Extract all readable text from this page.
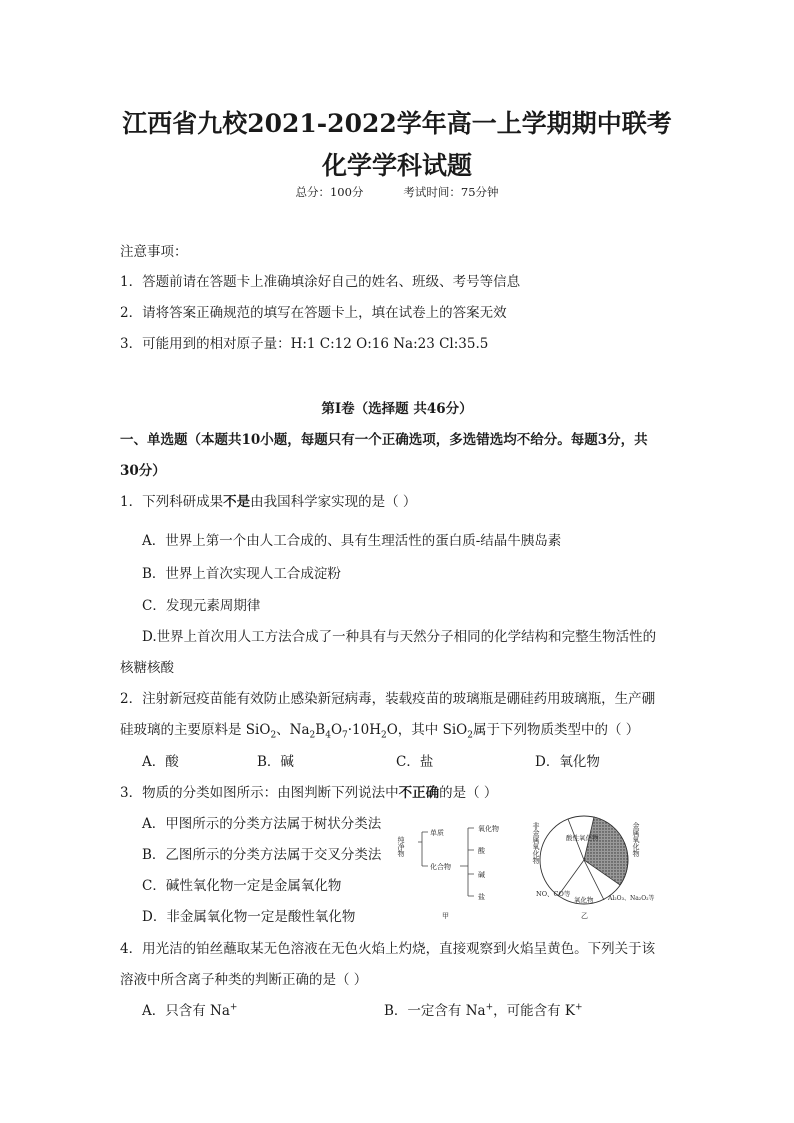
江西省九校2021-2022学年高一上学期期中联考
化学学科试题
总分：100分	考试时间：75分钟
注意事项：
1．答题前请在答题卡上准确填涂好自己的姓名、班级、考号等信息
2．请将答案正确规范的填写在答题卡上，填在试卷上的答案无效
3．可能用到的相对原子量：H:1 C:12 O:16 Na:23 Cl:35.5
第Ⅰ卷（选择题 共46分）
一、单选题（本题共10小题，每题只有一个正确选项，多选错选均不给分。每题3分，共
30分）
1．下列科研成果不是由我国科学家实现的是（ ）
A．世界上第一个由人工合成的、具有生理活性的蛋白质-结晶牛胰岛素
B．世界上首次实现人工合成淀粉
C．发现元素周期律
D.世界上首次用人工方法合成了一种具有与天然分子相同的化学结构和完整生物活性的
核糖核酸
2．注射新冠疫苗能有效防止感染新冠病毒，装载疫苗的玻璃瓶是硼硅药用玻璃瓶，生产硼
硅玻璃的主要原料是 SiO$_2$、$Na_2B_4O_7\cdot 10H_2O$，其中 SiO$_2$属于下列物质类型中的（ ）
A．酸	B．碱	C．盐	D．氧化物
3．物质的分类如图所示：由图判断下列说法中不正确的是（ ）
A．甲图所示的分类方法属于树状分类法
B．乙图所示的分类方法属于交叉分类法
C．碱性氧化物一定是金属氧化物
D．非金属氧化物一定是酸性氧化物
纯净物
单质
化合物
氧化物
酸
碱
盐
甲
非金属氧化物	酸性氧化物	金属氧化物
NO、CO等
氧化物 Al₂O₃、Na₂O₂等
乙
4．用光洁的铂丝蘸取某无色溶液在无色火焰上灼烧，直接观察到火焰呈黄色。下列关于该
溶液中所含离子种类的判断正确的是（ ）
A．只含有 Na+	B．一定含有 Na+，可能含有 K+
